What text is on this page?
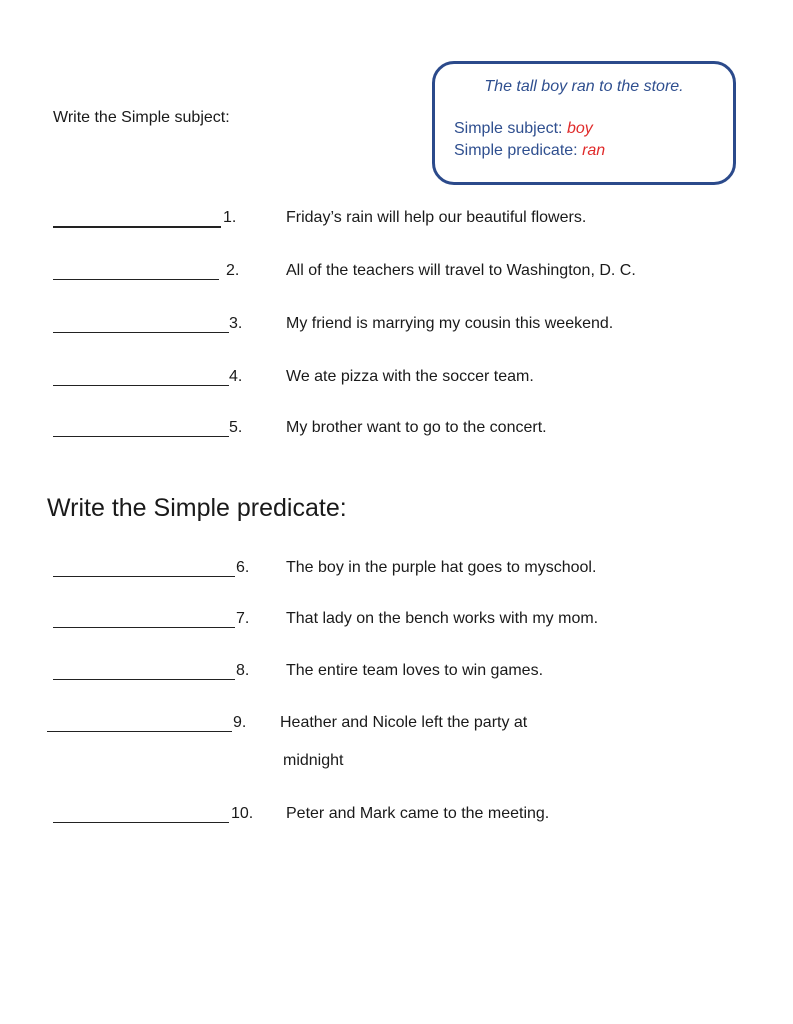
The tall boy ran to the store.
Simple subject: boy
Simple predicate: ran
Write the Simple subject:
1.	Friday’s rain will help our beautiful flowers.
2.	All of the teachers will travel to Washington, D. C.
3.	My friend is marrying my cousin this weekend.
4.	We ate pizza with the soccer team.
5.	My brother want to go to the concert.
Write the Simple predicate:
6. The boy in the purple hat goes to myschool.
7. That lady on the bench works with my mom.
8. The entire team loves to win games.
9. Heather and Nicole left the party at
midnight
10. Peter and Mark came to the meeting.
